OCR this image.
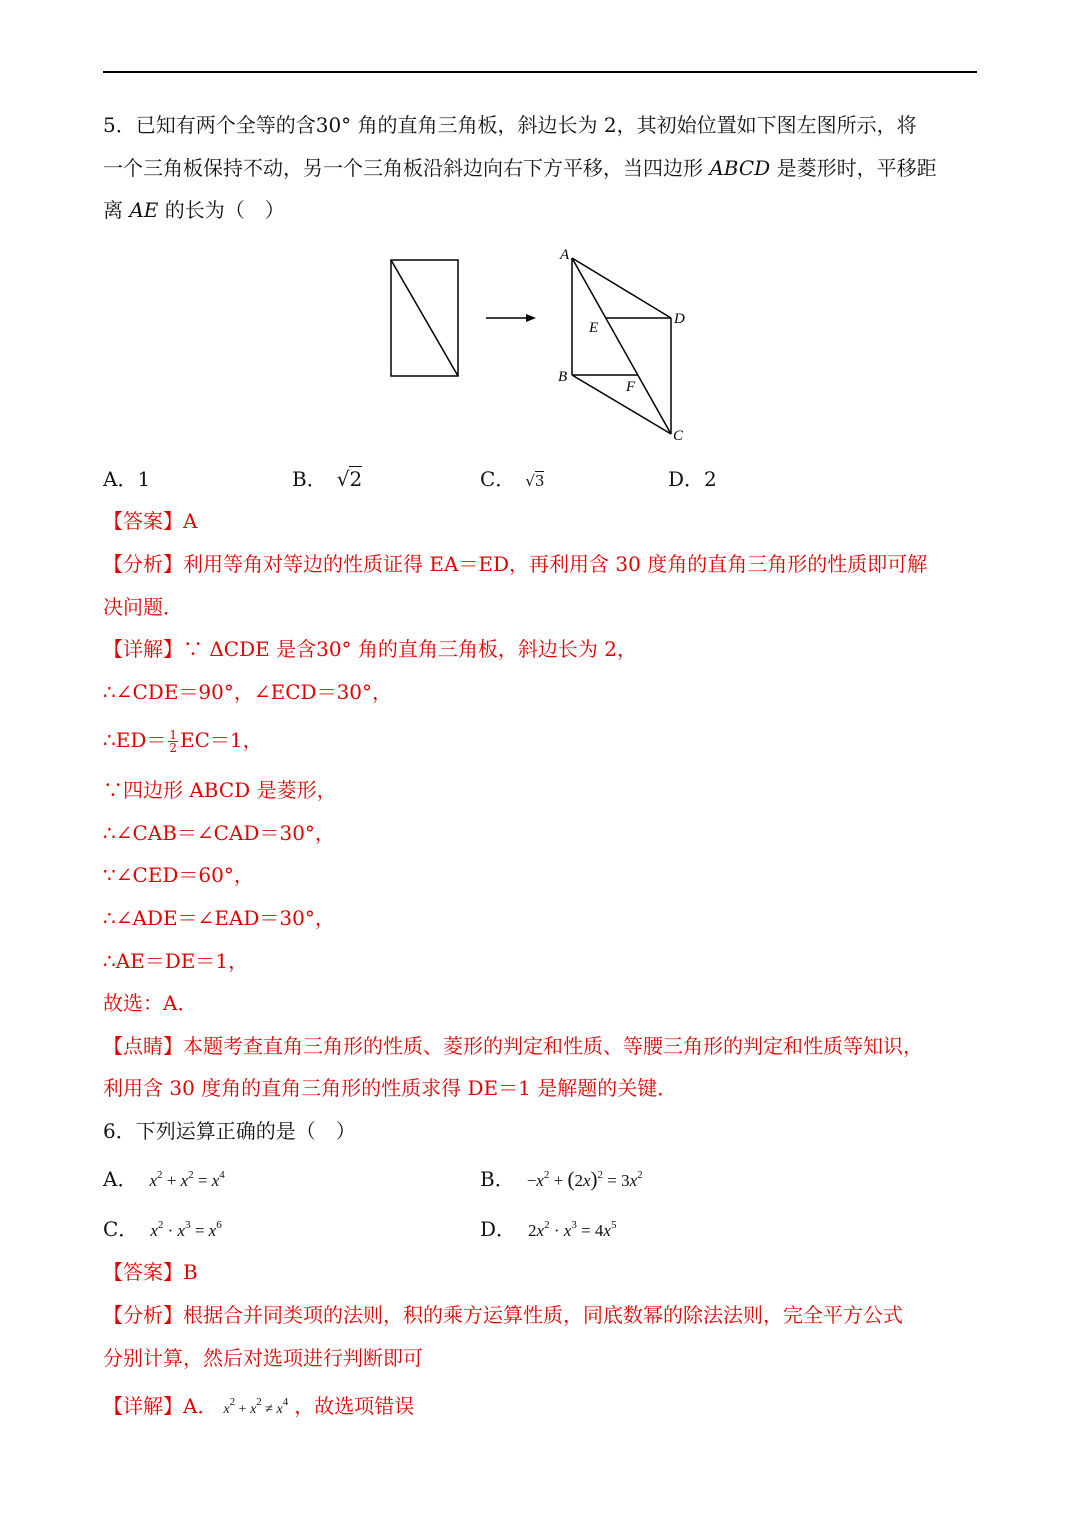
5．已知有两个全等的含30° 角的直角三角板，斜边长为 2，其初始位置如下图左图所示，将
一个三角板保持不动，另一个三角板沿斜边向右下方平移，当四边形 ABCD 是菱形时，平移距
离 AE 的长为（　）
A
B
C
D
E
F
A．1	B． √2	C． √3	D．2
【答案】A
【分析】利用等角对等边的性质证得 EA＝ED，再利用含 30 度角的直角三角形的性质即可解
决问题．
【详解】∵ ΔCDE 是含30° 角的直角三角板，斜边长为 2，
∴∠CDE＝90°，∠ECD＝30°，
∴ED＝ $\frac{1}{2} EC=1$，
∵四边形 ABCD 是菱形，
∴∠CAB＝∠CAD＝30°，
∵∠CED＝60°，
∴∠ADE＝∠EAD＝30°，
∴AE＝DE＝1，
故选：A．
【点睛】本题考查直角三角形的性质、菱形的判定和性质、等腰三角形的判定和性质等知识，
利用含 30 度角的直角三角形的性质求得 DE＝1 是解题的关键．
6．下列运算正确的是（　）
A． $x^2 + x^2 = x^4$	B． $-x^2 + (2x)^2 = 3x^2$
C． $x^2 \cdot x^3 = x^6$	D． $2x^2 \cdot x^3 = 4x^5$
【答案】B
【分析】根据合并同类项的法则，积的乘方运算性质，同底数幂的除法法则，完全平方公式
分别计算，然后对选项进行判断即可
【详解】A． $x^2 + x^2 \ne x^4$ ，故选项错误
